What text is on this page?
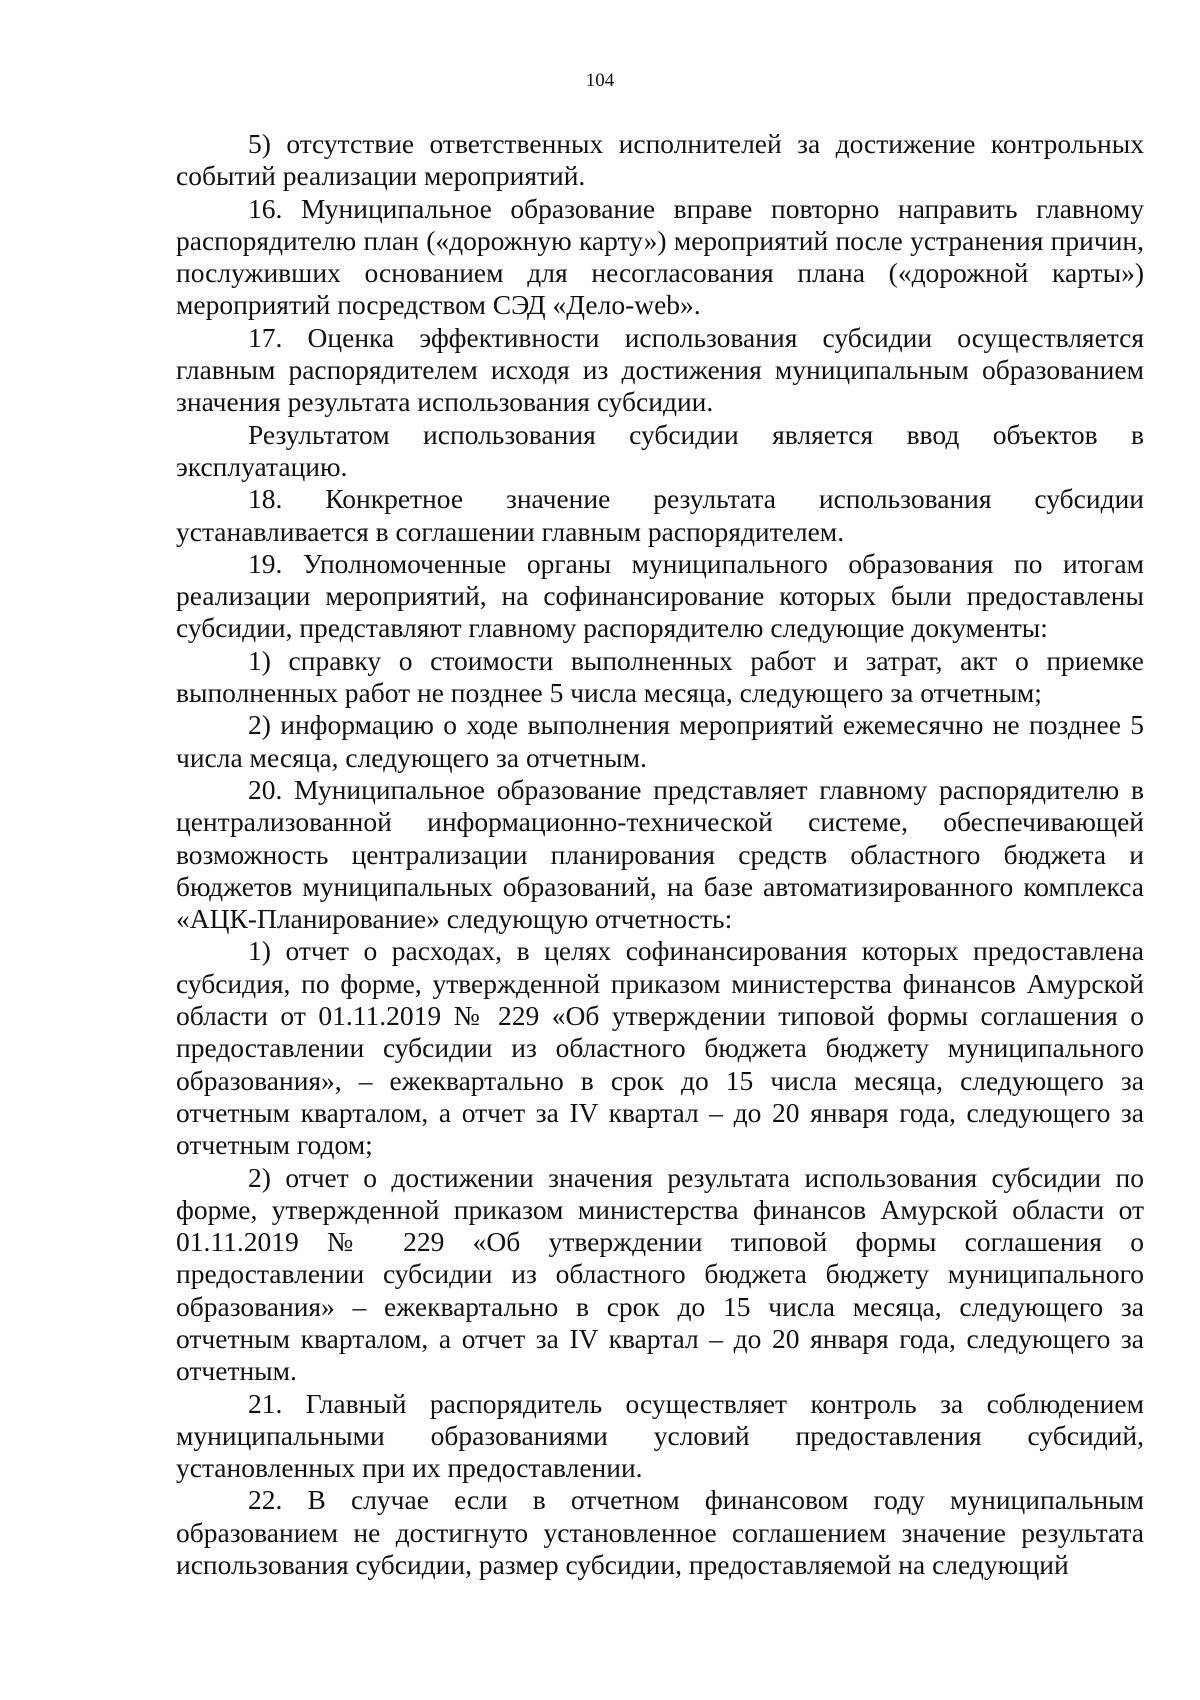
104

5) отсутствие ответственных исполнителей за достижение контрольных событий реализации мероприятий.

16. Муниципальное образование вправе повторно направить главному распорядителю план («дорожную карту») мероприятий после устранения причин, послуживших основанием для несогласования плана («дорожной карты») мероприятий посредством СЭД «Дело-web».

17. Оценка эффективности использования субсидии осуществляется главным распорядителем исходя из достижения муниципальным образованием значения результата использования субсидии.

Результатом использования субсидии является ввод объектов в эксплуатацию.

18. Конкретное значение результата использования субсидии устанавливается в соглашении главным распорядителем.

19. Уполномоченные органы муниципального образования по итогам реализации мероприятий, на софинансирование которых были предоставлены субсидии, представляют главному распорядителю следующие документы:

1) справку о стоимости выполненных работ и затрат, акт о приемке выполненных работ не позднее 5 числа месяца, следующего за отчетным;

2) информацию о ходе выполнения мероприятий ежемесячно не позднее 5 числа месяца, следующего за отчетным.

20. Муниципальное образование представляет главному распорядителю в централизованной информационно-технической системе, обеспечивающей возможность централизации планирования средств областного бюджета и бюджетов муниципальных образований, на базе автоматизированного комплекса «АЦК-Планирование» следующую отчетность:

1) отчет о расходах, в целях софинансирования которых предоставлена субсидия, по форме, утвержденной приказом министерства финансов Амурской области от 01.11.2019 № 229 «Об утверждении типовой формы соглашения о предоставлении субсидии из областного бюджета бюджету муниципального образования», – ежеквартально в срок до 15 числа месяца, следующего за отчетным кварталом, а отчет за IV квартал – до 20 января года, следующего за отчетным годом;

2) отчет о достижении значения результата использования субсидии по форме, утвержденной приказом министерства финансов Амурской области от 01.11.2019 № 229 «Об утверждении типовой формы соглашения о предоставлении субсидии из областного бюджета бюджету муниципального образования» – ежеквартально в срок до 15 числа месяца, следующего за отчетным кварталом, а отчет за IV квартал – до 20 января года, следующего за отчетным.

21. Главный распорядитель осуществляет контроль за соблюдением муниципальными образованиями условий предоставления субсидий, установленных при их предоставлении.

22. В случае если в отчетном финансовом году муниципальным образованием не достигнуто установленное соглашением значение результата использования субсидии, размер субсидии, предоставляемой на следующий
